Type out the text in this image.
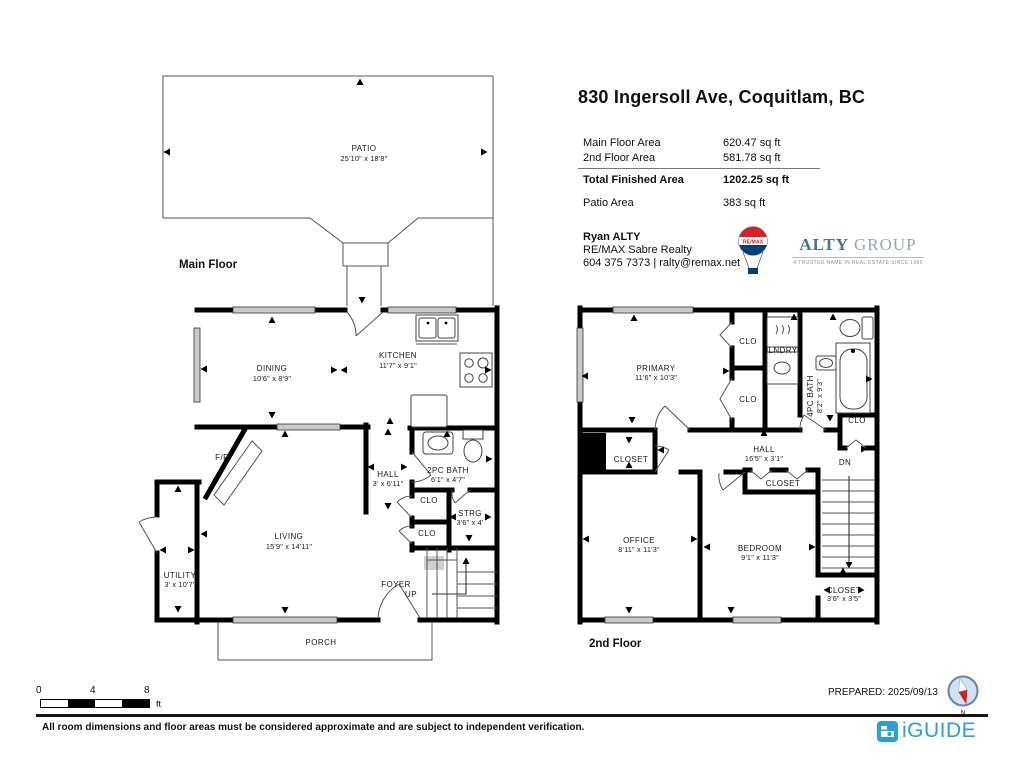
PATIO
25'10" x 18'8"
DINING
10'6" x 8'9"
KITCHEN
11'7" x 9'1"
LIVING
15'9" x 14'11"
F/P
UTILITY
3' x 10'7"
HALL
3' x 6'11"
2PC BATH
6'1" x 4'7"
CLO
CLO
STRG
3'6" x 4'
FOYER
UP
PORCH
PRIMARY
11'6" x 10'3"
CLO
LNDRY
CLO	4PC BATH 8'2" x 9'3"
CLO
HALL
16'5" x 3'1"
CLOSET
CLOSET
DN
OFFICE
8'11" x 11'3"	BEDROOM
9'1" x 11'3"
CLOSET
3'6" x 3'5"
830 Ingersoll Ave, Coquitlam, BC
Main Floor Area	620.47 sq ft
2nd Floor Area	581.78 sq ft
Total Finished Area	1202.25 sq ft
Patio Area	383 sq ft
Ryan ALTY
RE/MAX Sabre Realty
604 375 7373 | ralty@remax.net
RE/MAX	ALTY GROUP
A TRUSTED NAME IN REAL ESTATE SINCE 1985
Main Floor
2nd Floor
0	4	8
ft
PREPARED: 2025/09/13
All room dimensions and floor areas must be considered approximate and are subject to independent verification.	iGUIDE
